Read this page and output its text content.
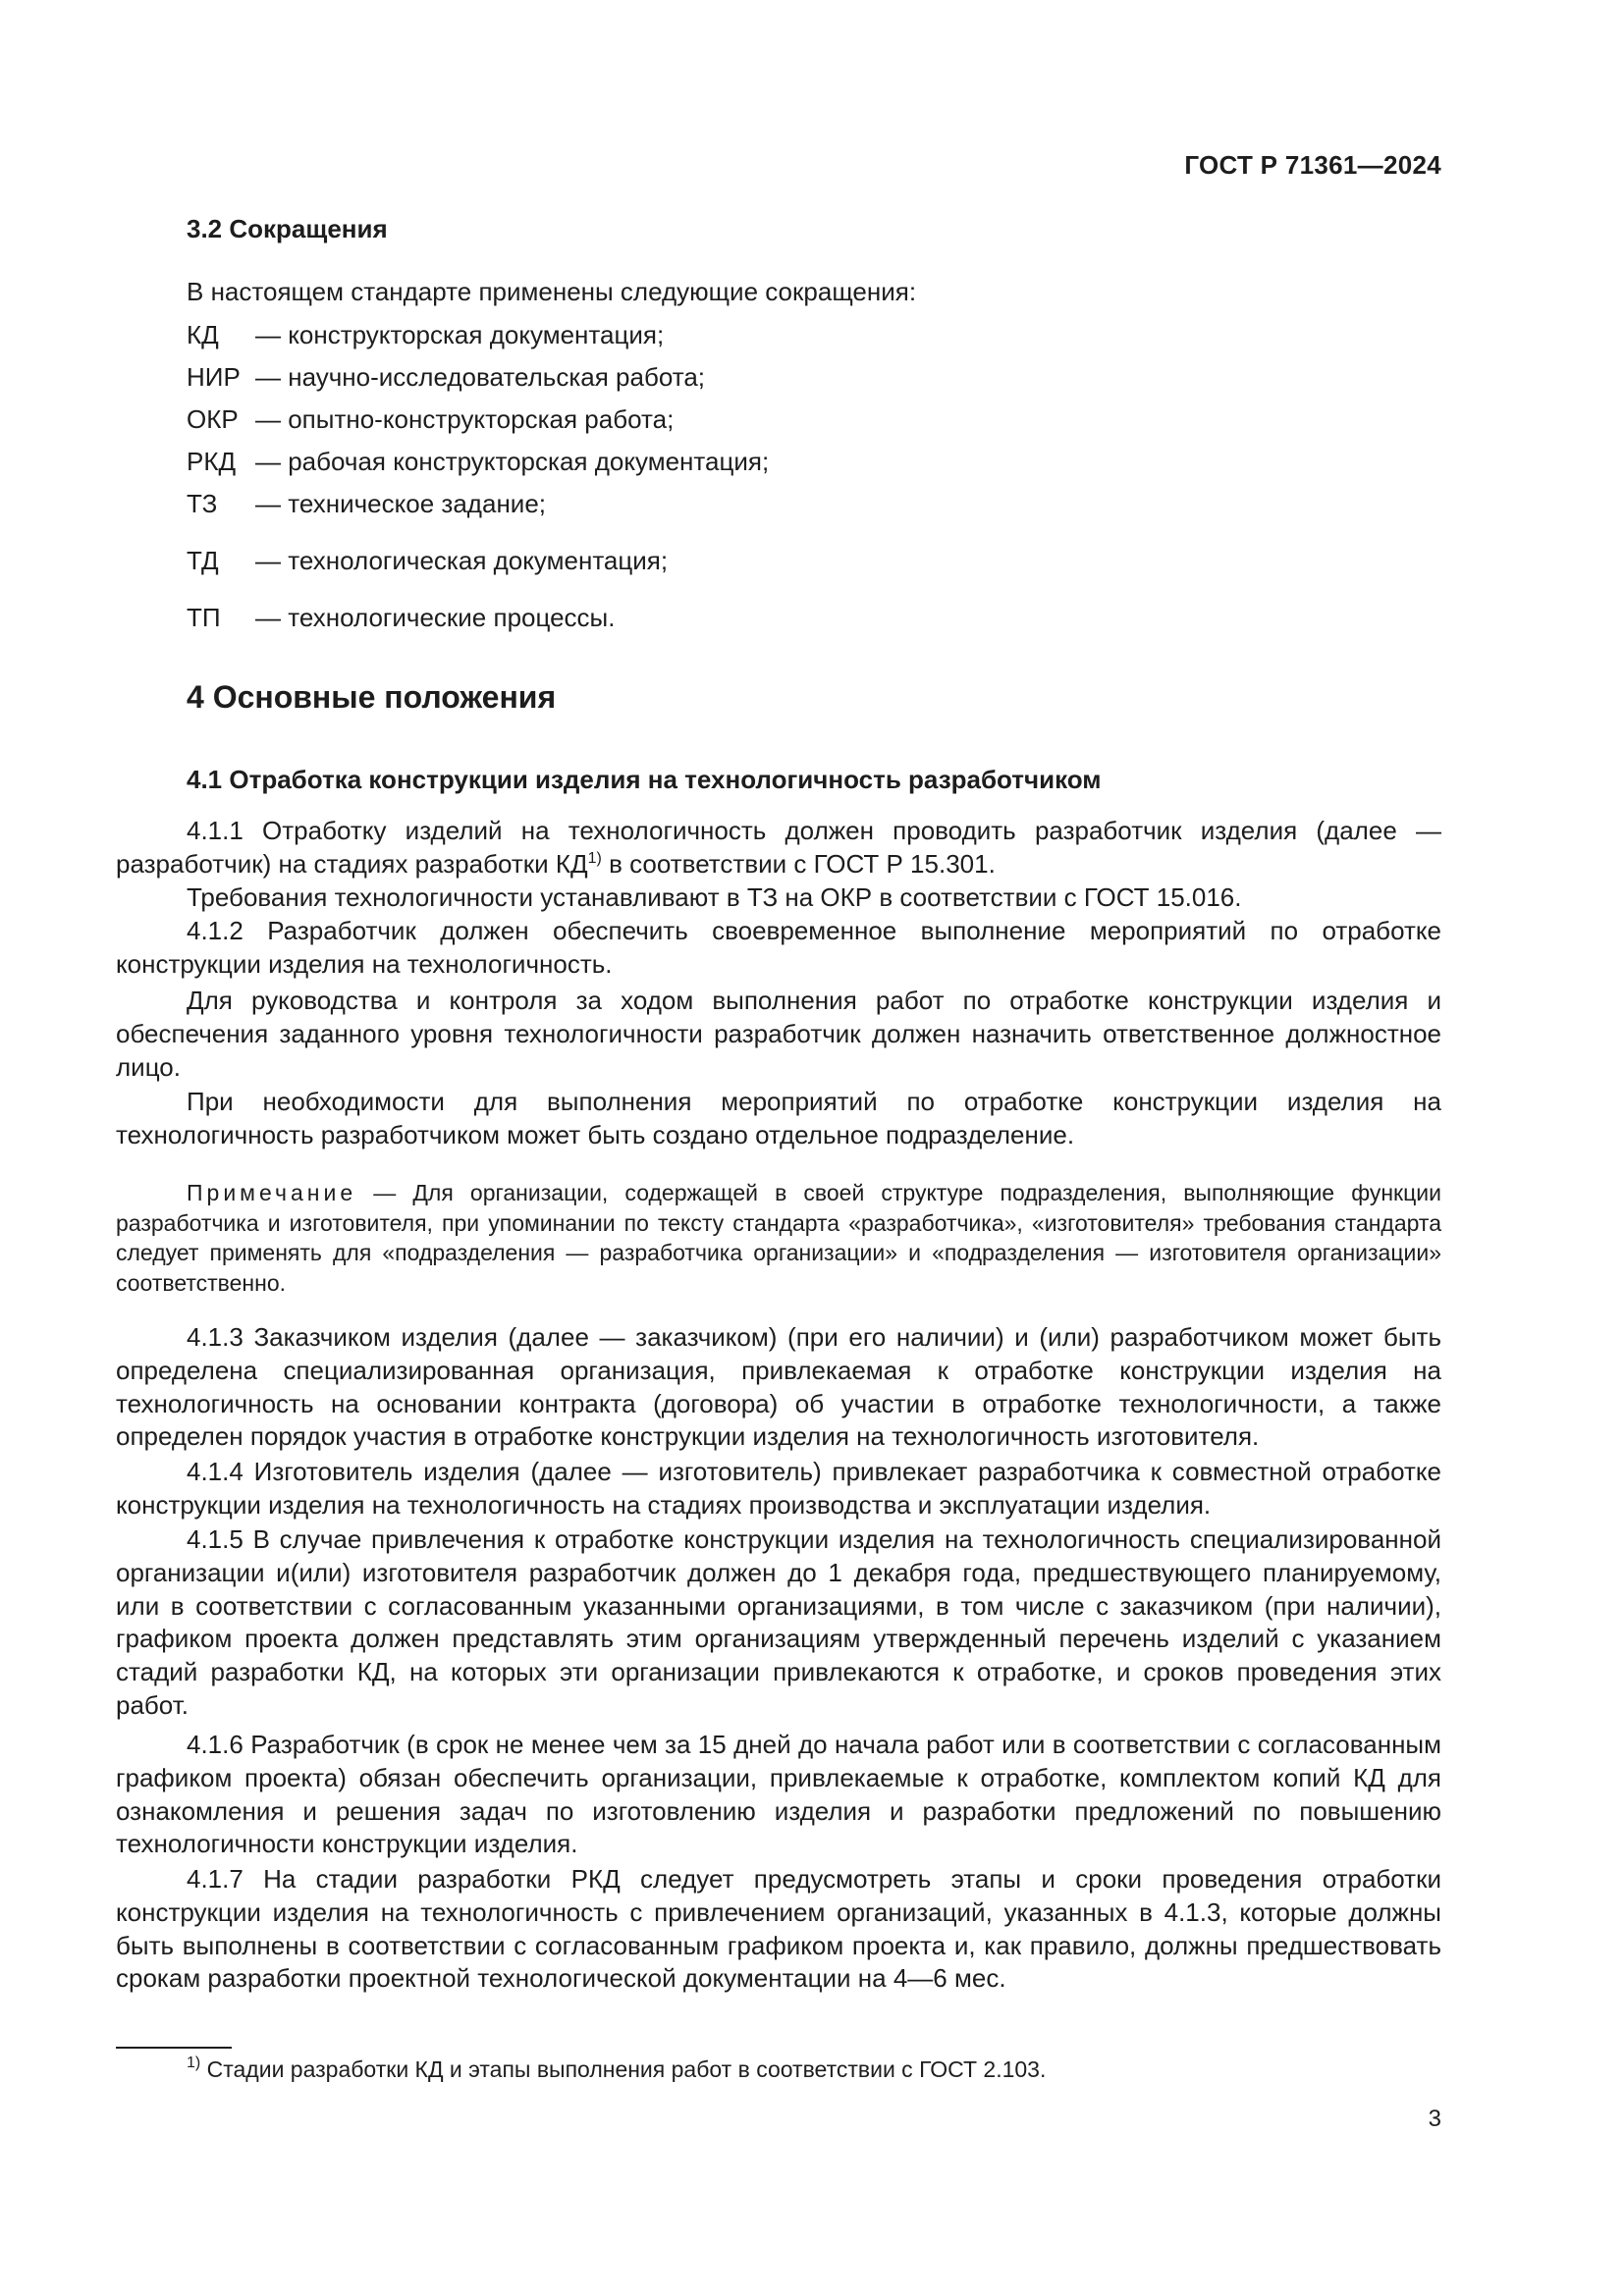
ГОСТ Р 71361—2024
3.2 Сокращения
В настоящем стандарте применены следующие сокращения:
КД — конструкторская документация;
НИР — научно-исследовательская работа;
ОКР — опытно-конструкторская работа;
РКД — рабочая конструкторская документация;
ТЗ — техническое задание;
ТД — технологическая документация;
ТП — технологические процессы.
4 Основные положения
4.1 Отработка конструкции изделия на технологичность разработчиком

4.1.1 Отработку изделий на технологичность должен проводить разработчик изделия (далее — разработчик) на стадиях разработки КД$^{1)}$ в соответствии с ГОСТ Р 15.301.

Требования технологичности устанавливают в ТЗ на ОКР в соответствии с ГОСТ 15.016.

4.1.2 Разработчик должен обеспечить своевременное выполнение мероприятий по отработке конструкции изделия на технологичность.

Для руководства и контроля за ходом выполнения работ по отработке конструкции изделия и обеспечения заданного уровня технологичности разработчик должен назначить ответственное должностное лицо.

При необходимости для выполнения мероприятий по отработке конструкции изделия на технологичность разработчиком может быть создано отдельное подразделение.

Примечание — Для организации, содержащей в своей структуре подразделения, выполняющие функции разработчика и изготовителя, при упоминании по тексту стандарта «разработчика», «изготовителя» требования стандарта следует применять для «подразделения — разработчика организации» и «подразделения — изготовителя организации» соответственно.

4.1.3 Заказчиком изделия (далее — заказчиком) (при его наличии) и (или) разработчиком может быть определена специализированная организация, привлекаемая к отработке конструкции изделия на технологичность на основании контракта (договора) об участии в отработке технологичности, а также определен порядок участия в отработке конструкции изделия на технологичность изготовителя.

4.1.4 Изготовитель изделия (далее — изготовитель) привлекает разработчика к совместной отработке конструкции изделия на технологичность на стадиях производства и эксплуатации изделия.

4.1.5 В случае привлечения к отработке конструкции изделия на технологичность специализированной организации и(или) изготовителя разработчик должен до 1 декабря года, предшествующего планируемому, или в соответствии с согласованным указанными организациями, в том числе с заказчиком (при наличии), графиком проекта должен представлять этим организациям утвержденный перечень изделий с указанием стадий разработки КД, на которых эти организации привлекаются к отработке, и сроков проведения этих работ.

4.1.6 Разработчик (в срок не менее чем за 15 дней до начала работ или в соответствии с согласованным графиком проекта) обязан обеспечить организации, привлекаемые к отработке, комплектом копий КД для ознакомления и решения задач по изготовлению изделия и разработки предложений по повышению технологичности конструкции изделия.

4.1.7 На стадии разработки РКД следует предусмотреть этапы и сроки проведения отработки конструкции изделия на технологичность с привлечением организаций, указанных в 4.1.3, которые должны быть выполнены в соответствии с согласованным графиком проекта и, как правило, должны предшествовать срокам разработки проектной технологической документации на 4—6 мес.

$^{1)}$ Стадии разработки КД и этапы выполнения работ в соответствии с ГОСТ 2.103.
3
